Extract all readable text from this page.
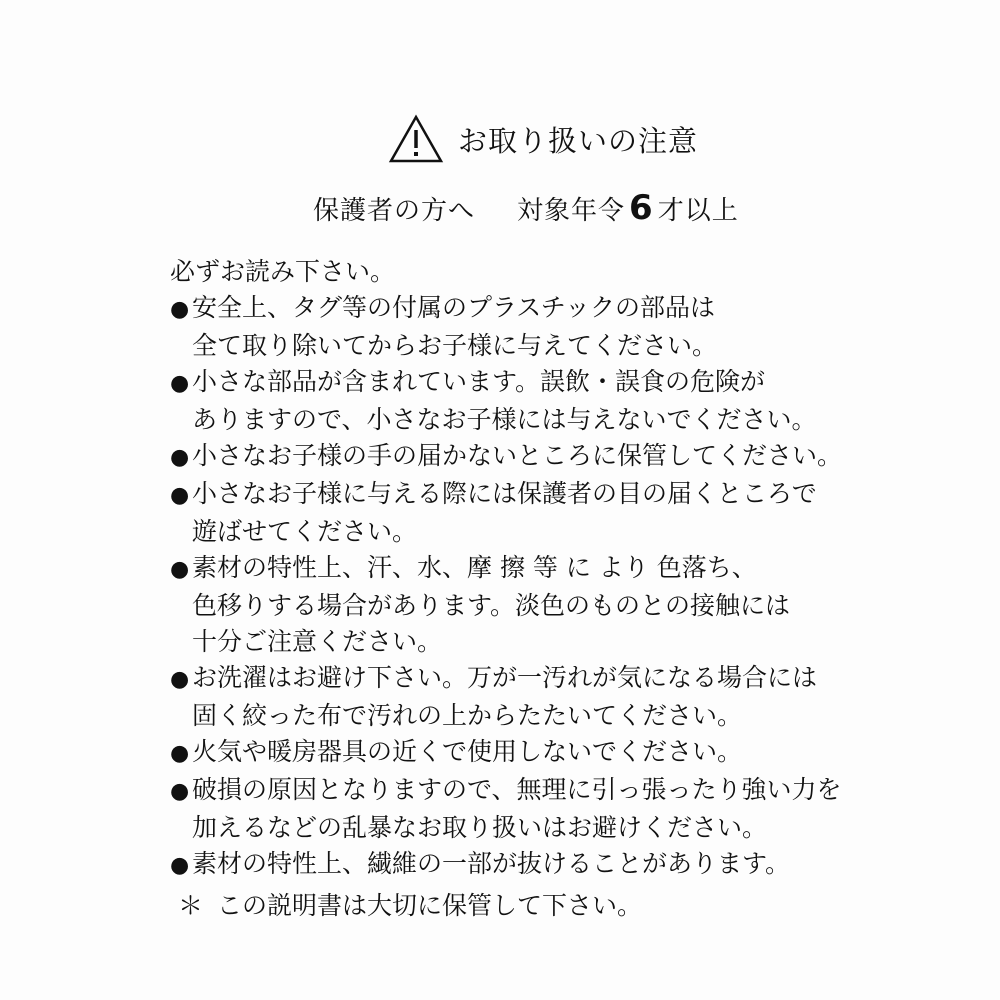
お取り扱いの注意
保護者の方へ 対象年令 6 才以上
必ずお読み下さい。
● 安全上、タグ等の付属のプラスチックの部品は
全て取り除いてからお子様に与えてください。
● 小さな部品が含まれています。誤飲・誤食の危険が
ありますので、小さなお子様には与えないでください。
● 小さなお子様の手の届かないところに保管してください。
● 小さなお子様に与える際には保護者の目の届くところで
遊ばせてください。
● 素材の特性上、汗、水、摩 擦 等 に より 色落ち、
色移りする場合があります。淡色のものとの接触には
十分ご注意ください。
● お洗濯はお避け下さい。万が一汚れが気になる場合には
固く絞った布で汚れの上からたたいてください。
● 火気や暖房器具の近くで使用しないでください。
● 破損の原因となりますので、無理に引っ張ったり強い力を
加えるなどの乱暴なお取り扱いはお避けください。
● 素材の特性上、繊維の一部が抜けることがあります。
＊ この説明書は大切に保管して下さい。
